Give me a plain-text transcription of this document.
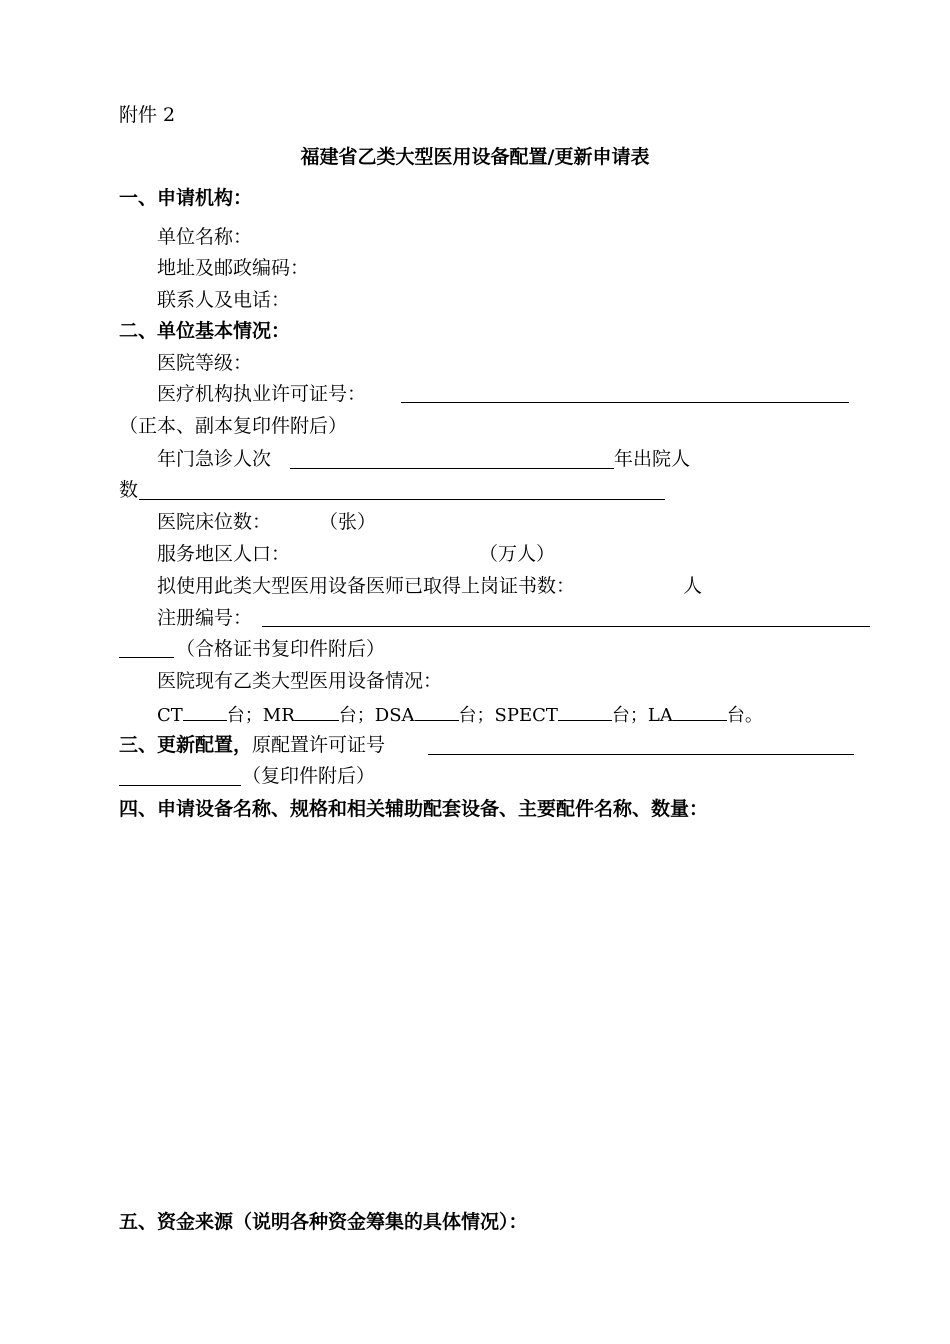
附件 2
福建省乙类大型医用设备配置/更新申请表
一、申请机构：
单位名称：
地址及邮政编码：
联系人及电话：
二、单位基本情况：
医院等级：
医疗机构执业许可证号：
（正本、副本复印件附后）
年门急诊人次	年出院人
数
医院床位数：	（张）
服务地区人口：	（万人）
拟使用此类大型医用设备医师已取得上岗证书数：	人
注册编号：
（合格证书复印件附后）
医院现有乙类大型医用设备情况：
CT 台；MR 台；DSA 台；SPECT	台；LA	台。
三、更新配置，原配置许可证号
（复印件附后）
四、申请设备名称、规格和相关辅助配套设备、主要配件名称、数量：
五、资金来源（说明各种资金筹集的具体情况）：
